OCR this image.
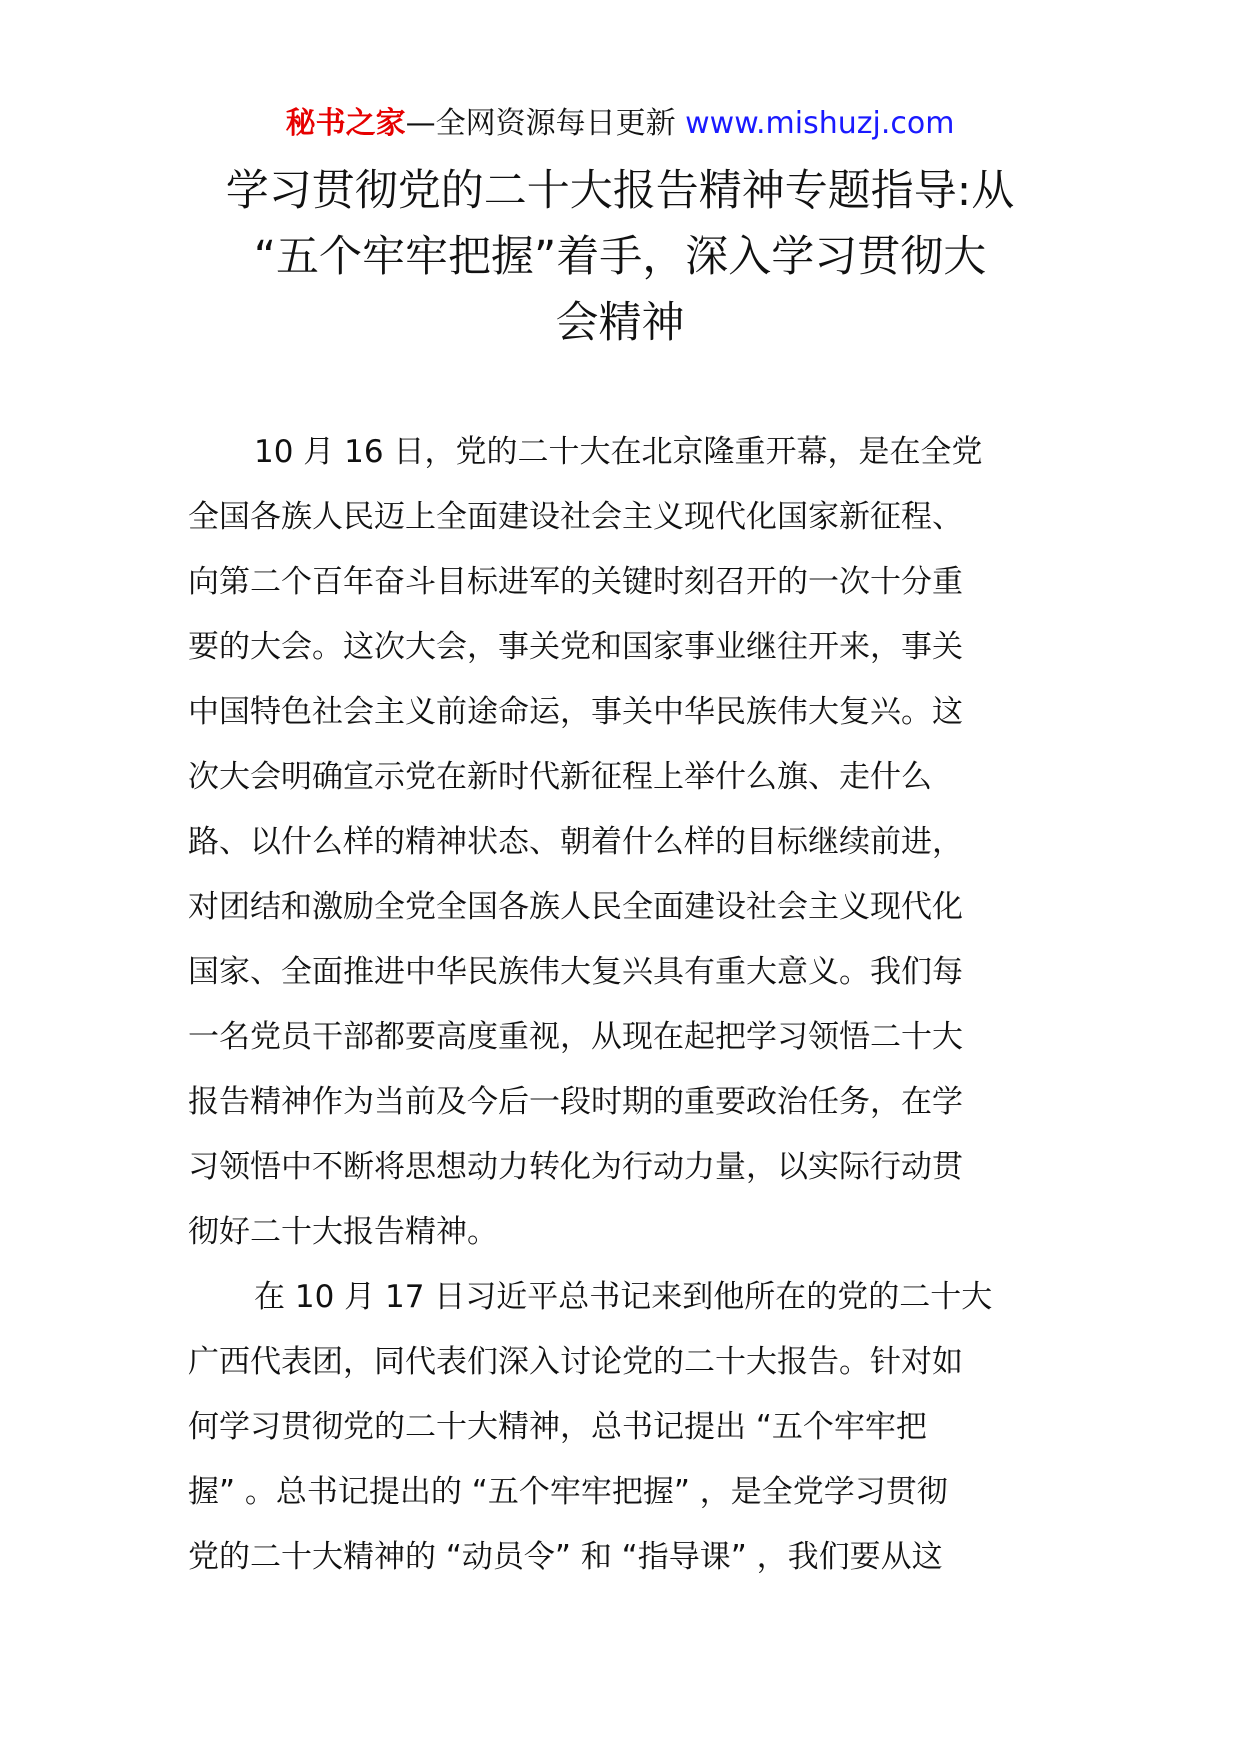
秘书之家—全网资源每日更新 www.mishuzj.com
学习贯彻党的二十大报告精神专题指导:从
“五个牢牢把握”着手，深入学习贯彻大
会精神

10 月 16 日，党的二十大在北京隆重开幕，是在全党
全国各族人民迈上全面建设社会主义现代化国家新征程、
向第二个百年奋斗目标进军的关键时刻召开的一次十分重
要的大会。这次大会，事关党和国家事业继往开来，事关
中国特色社会主义前途命运，事关中华民族伟大复兴。这
次大会明确宣示党在新时代新征程上举什么旗、走什么
路、以什么样的精神状态、朝着什么样的目标继续前进，
对团结和激励全党全国各族人民全面建设社会主义现代化
国家、全面推进中华民族伟大复兴具有重大意义。我们每
一名党员干部都要高度重视，从现在起把学习领悟二十大
报告精神作为当前及今后一段时期的重要政治任务，在学
习领悟中不断将思想动力转化为行动力量，以实际行动贯
彻好二十大报告精神。

在 10 月 17 日习近平总书记来到他所在的党的二十大
广西代表团，同代表们深入讨论党的二十大报告。针对如
何学习贯彻党的二十大精神，总书记提出 “五个牢牢把
握” 。总书记提出的 “五个牢牢把握” ，是全党学习贯彻
党的二十大精神的 “动员令” 和 “指导课” ，我们要从这
